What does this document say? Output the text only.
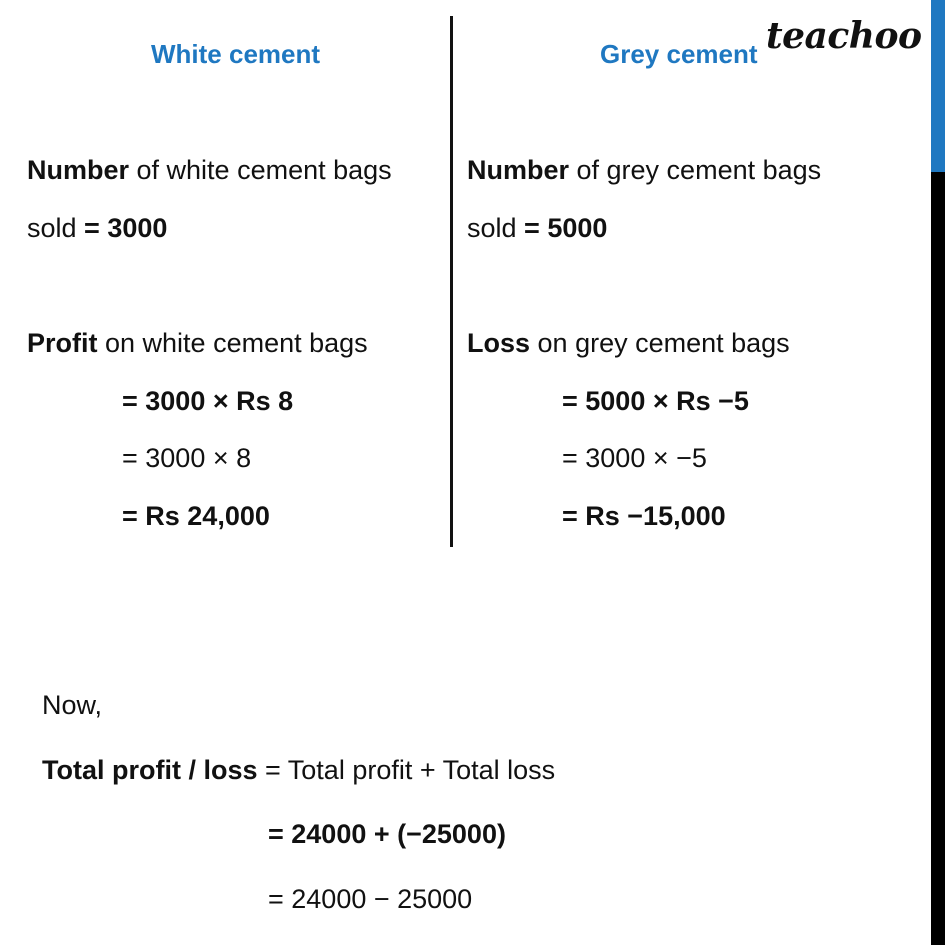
White cement	Grey cement teachoo
Number of white cement bags
sold = 3000
Profit on white cement bags
= 3000 × Rs 8
= 3000 × 8
= Rs 24,000
Number of grey cement bags
sold = 5000
Loss on grey cement bags
= 5000 × Rs −5
= 3000 × −5
= Rs −15,000
Now,
Total profit / loss = Total profit + Total loss
= 24000 + (−25000)
= 24000 − 25000
